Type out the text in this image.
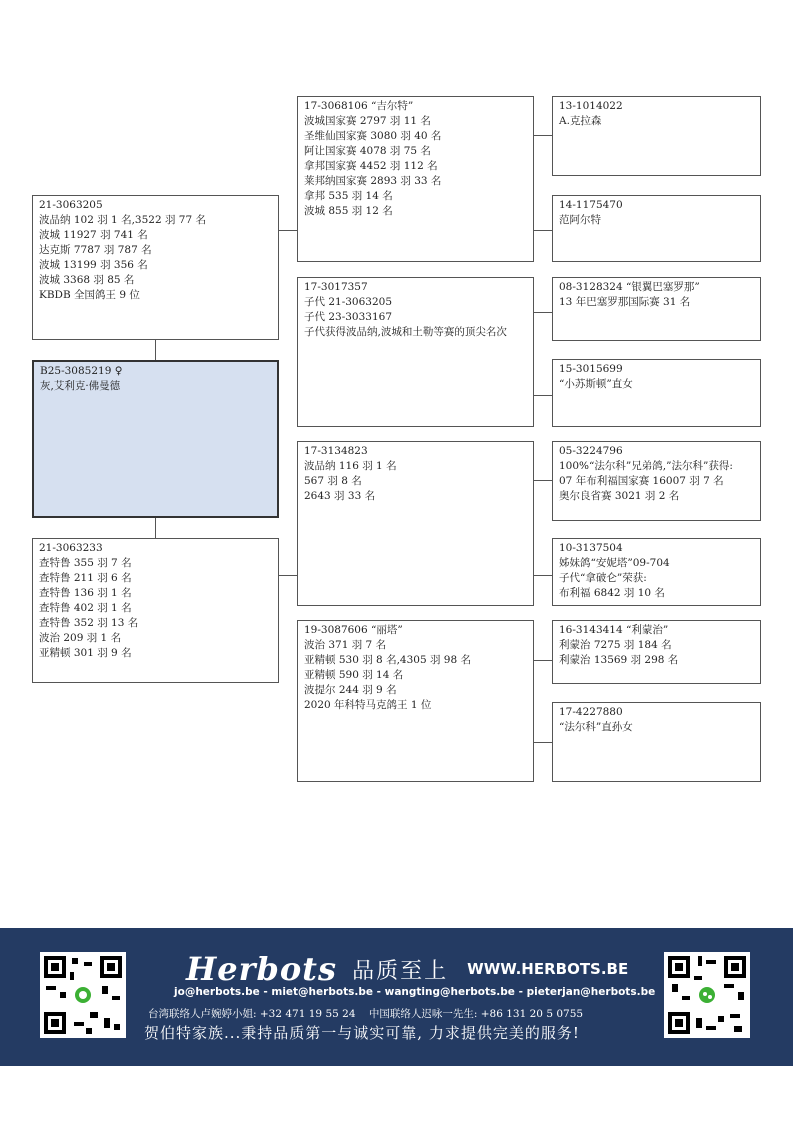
21-3063205
波品纳 102 羽 1 名,3522 羽 77 名
波城 11927 羽 741 名
达克斯 7787 羽 787 名
波城 13199 羽 356 名
波城 3368 羽 85 名
KBDB 全国鸽王 9 位
B25-3085219 ♀
灰,艾利克·佛曼德
21-3063233
查特鲁 355 羽 7 名
查特鲁 211 羽 6 名
查特鲁 136 羽 1 名
查特鲁 402 羽 1 名
查特鲁 352 羽 13 名
波治 209 羽 1 名
亚精顿 301 羽 9 名
17-3068106 “吉尔特”
波城国家赛 2797 羽 11 名
圣维仙国家赛 3080 羽 40 名
阿让国家赛 4078 羽 75 名
拿邦国家赛 4452 羽 112 名
莱邦纳国家赛 2893 羽 33 名
拿邦 535 羽 14 名
波城 855 羽 12 名
17-3017357
子代 21-3063205
子代 23-3033167
子代获得波品纳,波城和土勒等赛的顶尖名次
17-3134823
波品纳 116 羽 1 名
567 羽 8 名
2643 羽 33 名
19-3087606 “丽塔”
波治 371 羽 7 名
亚精顿 530 羽 8 名,4305 羽 98 名
亚精顿 590 羽 14 名
波提尔 244 羽 9 名
2020 年科特马克鸽王 1 位
13-1014022
A.克拉森
14-1175470
范阿尔特
08-3128324 “银翼巴塞罗那”
13 年巴塞罗那国际赛 31 名
15-3015699
“小苏斯顿”直女
05-3224796
100%“法尔科”兄弟鸽,”法尔科”获得:
07 年布利福国家赛 16007 羽 7 名
奥尔良省赛 3021 羽 2 名
10-3137504
姊妹鸽“安妮塔”09-704
子代“拿破仑”荣获:
布利福 6842 羽 10 名
16-3143414 “利蒙治”
利蒙治 7275 羽 184 名
利蒙治 13569 羽 298 名
17-4227880
“法尔科”直孙女
Herbots 品质至上 WWW.HERBOTS.BE
jo@herbots.be - miet@herbots.be - wangting@herbots.be - pieterjan@herbots.be
台湾联络人卢婉婷小姐: +32 471 19 55 24 中国联络人迟咏一先生: +86 131 20 5 0755
贺伯特家族...秉持品质第一与诚实可靠, 力求提供完美的服务!
